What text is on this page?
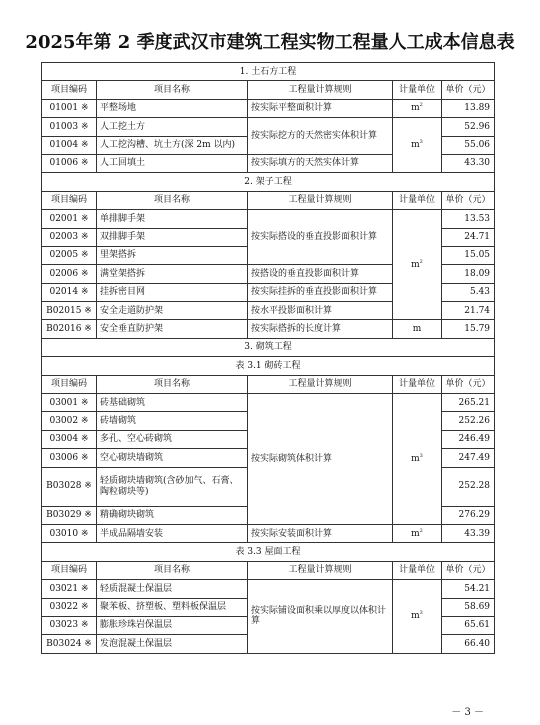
2025年第 2 季度武汉市建筑工程实物工程量人工成本信息表
1. 土石方工程				
项目编码	项目名称	工程量计算规则	计量单位	单价（元）
01001 ※	平整场地	按实际平整面积计算	$m^2$	13.89
01003 ※	人工挖土方	按实际挖方的天然密实体积计算	$m^3$	52.96
01004 ※	人工挖沟槽、坑土方(深 2m 以内)			55.06
01006 ※	人工回填土	按实际填方的天然实体计算		43.30
2. 架子工程				
项目编码	项目名称	工程量计算规则	计量单位	单价（元）
02001 ※	单排脚手架	按实际搭设的垂直投影面积计算	$m^2$	13.53
02003 ※	双排脚手架			24.71
02005 ※	里架搭拆			15.05
02006 ※	满堂架搭拆	按搭设的垂直投影面积计算		18.09
02014 ※	挂拆密目网	按实际挂拆的垂直投影面积计算		5.43
B02015 ※	安全走道防护架	按水平投影面积计算		21.74
B02016 ※	安全垂直防护架	按实际搭拆的长度计算	m	15.79
3. 砌筑工程				
表 3.1 砌砖工程				
项目编码	项目名称	工程量计算规则	计量单位	单价（元）
03001 ※	砖基础砌筑	按实际砌筑体积计算	$m^3$	265.21
03002 ※	砖墙砌筑			252.26
03004 ※	多孔、空心砖砌筑			246.49
03006 ※	空心砌块墙砌筑			247.49
B03028 ※	轻质砌块墙砌筑(含砂加气、石膏、陶粒砌块等)			252.28
B03029 ※	精确砌块砌筑			276.29
03010 ※	半成品隔墙安装	按实际安装面积计算	$m^2$	43.39
表 3.3 屋面工程				
项目编码	项目名称	工程量计算规则	计量单位	单价（元）
03021 ※	轻质混凝土保温层	按实际铺设面积乘以厚度以体积计算	$m^3$	54.21
03022 ※	聚苯板、挤塑板、塑料板保温层			58.69
03023 ※	膨胀珍珠岩保温层			65.61
B03024 ※	发泡混凝土保温层			66.40
－ 3 －
